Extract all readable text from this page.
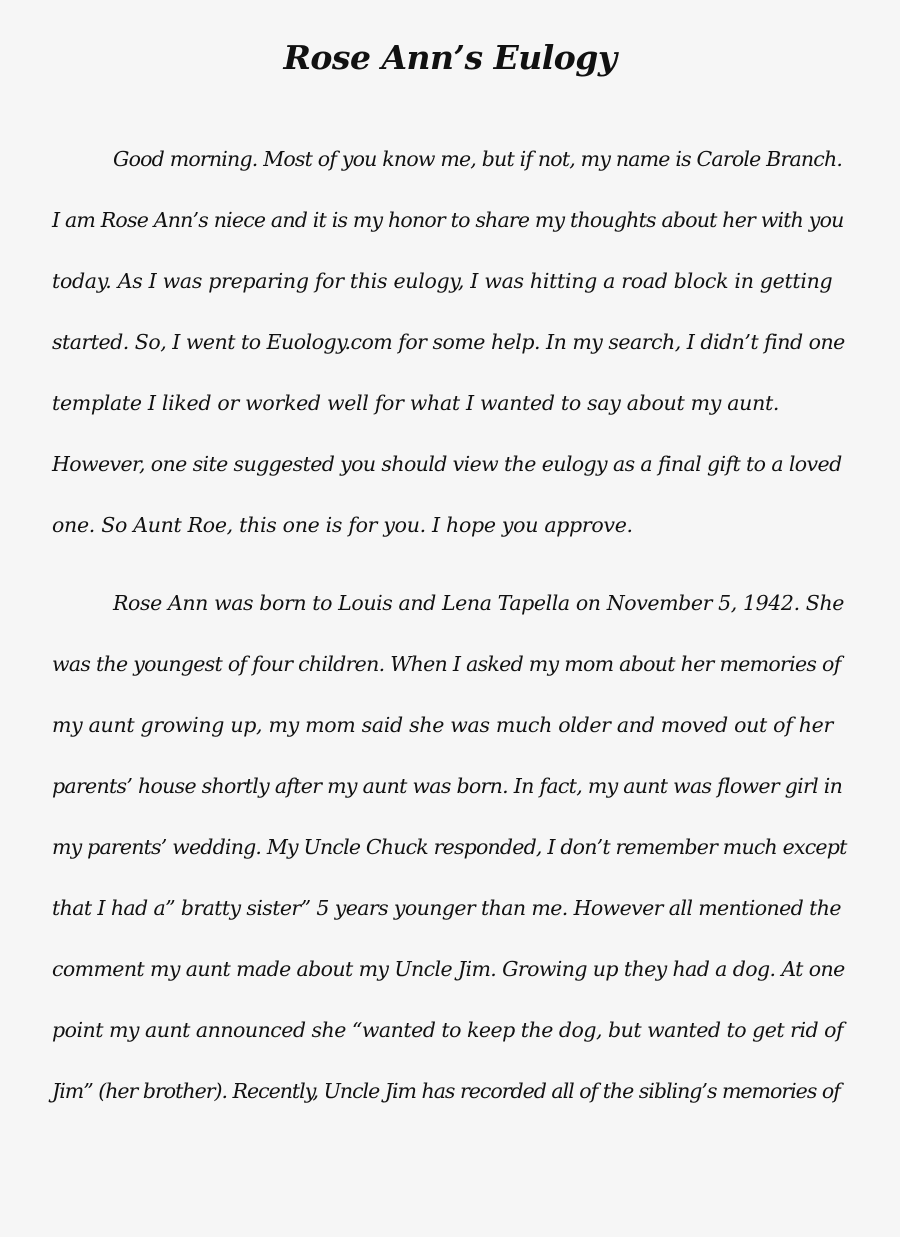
Rose Ann’s Eulogy

Good morning. Most of you know me, but if not, my name is Carole Branch.

I am Rose Ann’s niece and it is my honor to share my thoughts about her with you

today. As I was preparing for this eulogy, I was hitting a road block in getting

started. So, I went to Euology.com for some help. In my search, I didn’t find one

template I liked or worked well for what I wanted to say about my aunt.

However, one site suggested you should view the eulogy as a final gift to a loved

one. So Aunt Roe, this one is for you. I hope you approve.

Rose Ann was born to Louis and Lena Tapella on November 5, 1942. She

was the youngest of four children. When I asked my mom about her memories of

my aunt growing up, my mom said she was much older and moved out of her

parents’ house shortly after my aunt was born. In fact, my aunt was flower girl in

my parents’ wedding. My Uncle Chuck responded, I don’t remember much except

that I had a” bratty sister” 5 years younger than me. However all mentioned the

comment my aunt made about my Uncle Jim. Growing up they had a dog. At one

point my aunt announced she “wanted to keep the dog, but wanted to get rid of

Jim” (her brother). Recently, Uncle Jim has recorded all of the sibling’s memories of
